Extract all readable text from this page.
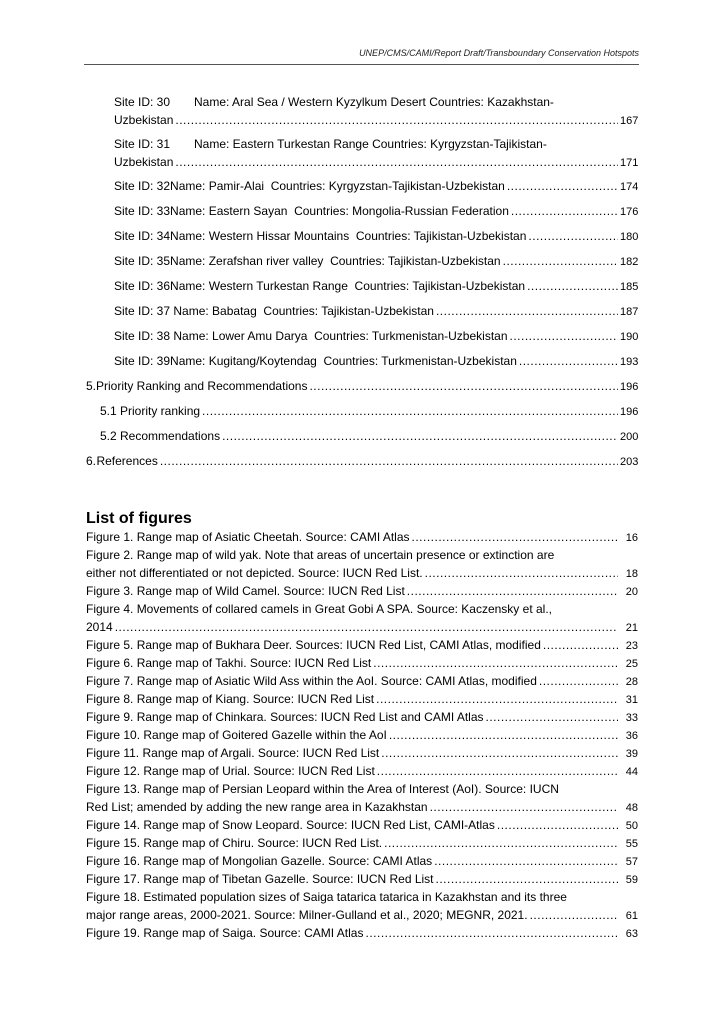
UNEP/CMS/CAMI/Report Draft/Transboundary Conservation Hotspots
Site ID: 30	Name: Aral Sea / Western Kyzylkum Desert Countries: Kazakhstan-
Uzbekistan .....	167
Site ID: 31	Name: Eastern Turkestan Range Countries: Kyrgyzstan-Tajikistan-
Uzbekistan .....	171
Site ID: 32 Name: Pamir-Alai  Countries: Kyrgyzstan-Tajikistan-Uzbekistan .....	174
Site ID: 33 Name: Eastern Sayan  Countries: Mongolia-Russian Federation .....	176
Site ID: 34 Name: Western Hissar Mountains  Countries: Tajikistan-Uzbekistan .....	180
Site ID: 35 Name: Zerafshan river valley  Countries: Tajikistan-Uzbekistan .....	182
Site ID: 36 Name: Western Turkestan Range  Countries: Tajikistan-Uzbekistan .....	185
Site ID: 37 Name: Babatag  Countries: Tajikistan-Uzbekistan .....	187
Site ID: 38 Name: Lower Amu Darya  Countries: Turkmenistan-Uzbekistan .....	190
Site ID: 39 Name: Kugitang/Koytendag  Countries: Turkmenistan-Uzbekistan .....	193
5. Priority Ranking and Recommendations .....	196
5.1 Priority ranking .....	196
5.2 Recommendations .....	200
6. References .....	203
List of figures
Figure 1. Range map of Asiatic Cheetah. Source: CAMI Atlas .....	16
Figure 2. Range map of wild yak. Note that areas of uncertain presence or extinction are
either not differentiated or not depicted. Source: IUCN Red List. .....	18
Figure 3. Range map of Wild Camel. Source: IUCN Red List .....	20
Figure 4. Movements of collared camels in Great Gobi A SPA. Source: Kaczensky et al.,
2014 .....	21
Figure 5. Range map of Bukhara Deer. Sources: IUCN Red List, CAMI Atlas, modified .....	23
Figure 6. Range map of Takhi. Source: IUCN Red List .....	25
Figure 7. Range map of Asiatic Wild Ass within the AoI. Source: CAMI Atlas, modified .....	28
Figure 8. Range map of Kiang. Source: IUCN Red List .....	31
Figure 9. Range map of Chinkara. Sources: IUCN Red List and CAMI Atlas .....	33
Figure 10. Range map of Goitered Gazelle within the AoI .....	36
Figure 11. Range map of Argali. Source: IUCN Red List .....	39
Figure 12. Range map of Urial. Source: IUCN Red List .....	44
Figure 13. Range map of Persian Leopard within the Area of Interest (AoI). Source: IUCN
Red List; amended by adding the new range area in Kazakhstan .....	48
Figure 14. Range map of Snow Leopard. Source: IUCN Red List, CAMI-Atlas .....	50
Figure 15. Range map of Chiru. Source: IUCN Red List. .....	55
Figure 16. Range map of Mongolian Gazelle. Source: CAMI Atlas .....	57
Figure 17. Range map of Tibetan Gazelle. Source: IUCN Red List .....	59
Figure 18. Estimated population sizes of Saiga tatarica tatarica in Kazakhstan and its three
major range areas, 2000-2021. Source: Milner-Gulland et al., 2020; MEGNR, 2021. .....	61
Figure 19. Range map of Saiga. Source: CAMI Atlas .....	63
